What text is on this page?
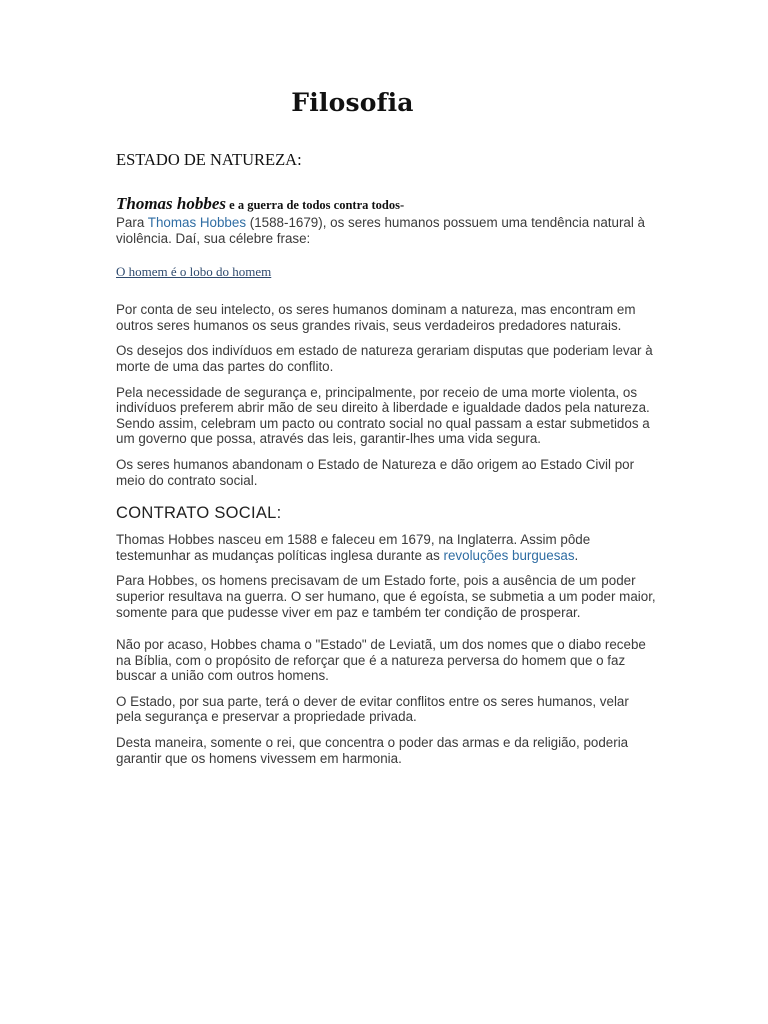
Filosofia
ESTADO DE NATUREZA:
Thomas hobbes e a guerra de todos contra todos-

Para Thomas Hobbes (1588-1679), os seres humanos possuem uma tendência natural à violência. Daí, sua célebre frase:

O homem é o lobo do homem

Por conta de seu intelecto, os seres humanos dominam a natureza, mas encontram em outros seres humanos os seus grandes rivais, seus verdadeiros predadores naturais.

Os desejos dos indivíduos em estado de natureza gerariam disputas que poderiam levar à morte de uma das partes do conflito.

Pela necessidade de segurança e, principalmente, por receio de uma morte violenta, os indivíduos preferem abrir mão de seu direito à liberdade e igualdade dados pela natureza. Sendo assim, celebram um pacto ou contrato social no qual passam a estar submetidos a um governo que possa, através das leis, garantir-lhes uma vida segura.

Os seres humanos abandonam o Estado de Natureza e dão origem ao Estado Civil por meio do contrato social.

CONTRATO SOCIAL:

Thomas Hobbes nasceu em 1588 e faleceu em 1679, na Inglaterra. Assim pôde testemunhar as mudanças políticas inglesa durante as revoluções burguesas.

Para Hobbes, os homens precisavam de um Estado forte, pois a ausência de um poder superior resultava na guerra. O ser humano, que é egoísta, se submetia a um poder maior, somente para que pudesse viver em paz e também ter condição de prosperar.

Não por acaso, Hobbes chama o "Estado" de Leviatã, um dos nomes que o diabo recebe na Bíblia, com o propósito de reforçar que é a natureza perversa do homem que o faz buscar a união com outros homens.

O Estado, por sua parte, terá o dever de evitar conflitos entre os seres humanos, velar pela segurança e preservar a propriedade privada.

Desta maneira, somente o rei, que concentra o poder das armas e da religião, poderia garantir que os homens vivessem em harmonia.
